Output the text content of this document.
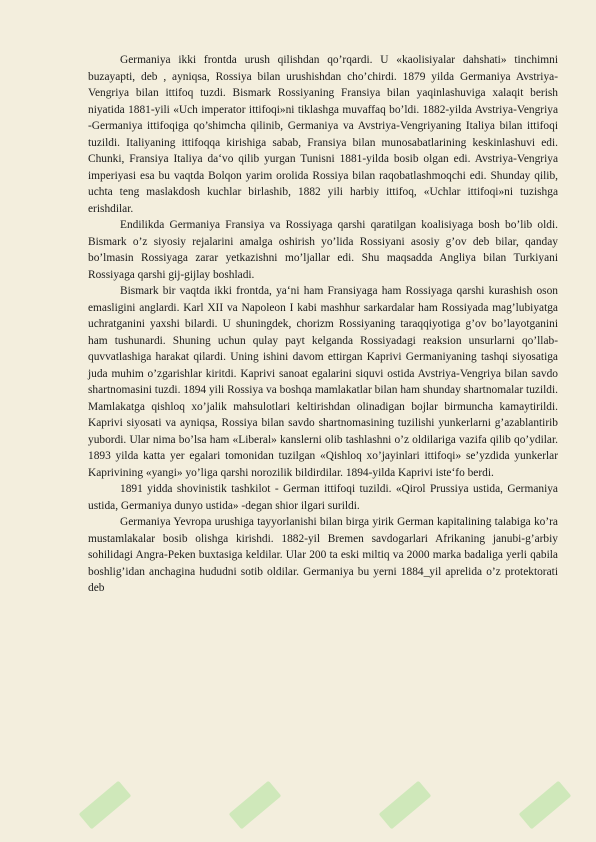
Germaniya ikki frontda urush qilishdan qo’rqardi. U «kaolisiyalar dahshati» tinchimni buzayapti, deb , ayniqsa, Rossiya bilan urushishdan cho’chirdi. 1879 yilda Germaniya Avstriya-Vengriya bilan ittifoq tuzdi. Bismark Rossiyaning Fransiya bilan yaqinlashuviga xalaqit berish niyatida 1881-yili «Uch imperator ittifoqi»ni tiklashga muvaffaq bo’ldi. 1882-yilda Avstriya-Vengriya -Germaniya ittifoqiga qo’shimcha qilinib, Germaniya va Avstriya-Vengriyaning Italiya bilan ittifoqi tuzildi. Italiyaning ittifoqqa kirishiga sabab, Fransiya bilan munosabatlarining keskinlashuvi edi. Chunki, Fransiya Italiya da‘vo qilib yurgan Tunisni 1881-yilda bosib olgan edi. Avstriya-Vengriya imperiyasi esa bu vaqtda Bolqon yarim orolida Rossiya bilan raqobatlashmoqchi edi. Shunday qilib, uchta teng maslakdosh kuchlar birlashib, 1882 yili harbiy ittifoq, «Uchlar ittifoqi»ni tuzishga erishdilar.

Endilikda Germaniya Fransiya va Rossiyaga qarshi qaratilgan koalisiyaga bosh bo’lib oldi. Bismark o’z siyosiy rejalarini amalga oshirish yo’lida Rossiyani asosiy g’ov deb bilar, qanday bo’lmasin Rossiyaga zarar yetkazishni mo’ljallar edi. Shu maqsadda Angliya bilan Turkiyani Rossiyaga qarshi gij-gijlay boshladi.

Bismark bir vaqtda ikki frontda, ya‘ni ham Fransiyaga ham Rossiyaga qarshi kurashish oson emasligini anglardi. Karl XII va Napoleon I kabi mashhur sarkardalar ham Rossiyada mag’lubiyatga uchratganini yaxshi bilardi. U shuningdek, chorizm Rossiyaning taraqqiyotiga g’ov bo’layotganini ham tushunardi. Shuning uchun qulay payt kelganda Rossiyadagi reaksion unsurlarni qo’llab-quvvatlashiga harakat qilardi. Uning ishini davom ettirgan Kaprivi Germaniyaning tashqi siyosatiga juda muhim o’zgarishlar kiritdi. Kaprivi sanoat egalarini siquvi ostida Avstriya-Vengriya bilan savdo shartnomasini tuzdi. 1894 yili Rossiya va boshqa mamlakatlar bilan ham shunday shartnomalar tuzildi. Mamlakatga qishloq xo’jalik mahsulotlari keltirishdan olinadigan bojlar birmuncha kamaytirildi. Kaprivi siyosati va ayniqsa, Rossiya bilan savdo shartnomasining tuzilishi yunkerlarni g’azablantirib yubordi. Ular nima bo’lsa ham «Liberal» kanslerni olib tashlashni o’z oldilariga vazifa qilib qo’ydilar. 1893 yilda katta yer egalari tomonidan tuzilgan «Qishloq xo’jayinlari ittifoqi» se’yzdida yunkerlar Kaprivining «yangi» yo’liga qarshi norozilik bildirdilar. 1894-yilda Kaprivi iste‘fo berdi.

1891 yidda shovinistik tashkilot - German ittifoqi tuzildi. «Qirol Prussiya ustida, Germaniya ustida, Germaniya dunyo ustida» -degan shior ilgari surildi.

Germaniya Yevropa urushiga tayyorlanishi bilan birga yirik German kapitalining talabiga ko’ra mustamlakalar bosib olishga kirishdi. 1882-yil Bremen savdogarlari Afrikaning janubi-g’arbiy sohilidagi Angra-Peken buxtasiga keldilar. Ular 200 ta eski miltiq va 2000 marka badaliga yerli qabila boshlig’idan anchagina hududni sotib oldilar. Germaniya bu yerni 1884_yil aprelida o’z protektorati deb
